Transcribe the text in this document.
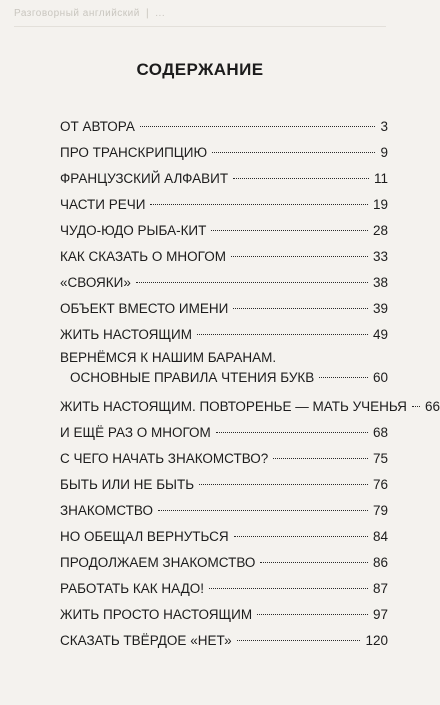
Разговорный английский ❘ ...
СОДЕРЖАНИЕ
ОТ АВТОРА	3
ПРО ТРАНСКРИПЦИЮ	9
ФРАНЦУЗСКИЙ АЛФАВИТ	11
ЧАСТИ РЕЧИ	19
ЧУДО-ЮДО РЫБА-КИТ	28
КАК СКАЗАТЬ О МНОГОМ	33
«СВОЯКИ»	38
ОБЪЕКТ ВМЕСТО ИМЕНИ	39
ЖИТЬ НАСТОЯЩИМ	49
ВЕРНЁМСЯ К НАШИМ БАРАНАМ.
ОСНОВНЫЕ ПРАВИЛА ЧТЕНИЯ БУКВ	60
ЖИТЬ НАСТОЯЩИМ. ПОВТОРЕНЬЕ — МАТЬ УЧЕНЬЯ 66
И ЕЩЁ РАЗ О МНОГОМ	68
С ЧЕГО НАЧАТЬ ЗНАКОМСТВО?	75
БЫТЬ ИЛИ НЕ БЫТЬ	76
ЗНАКОМСТВО	79
НО ОБЕЩАЛ ВЕРНУТЬСЯ	84
ПРОДОЛЖАЕМ ЗНАКОМСТВО	86
РАБОТАТЬ КАК НАДО!	87
ЖИТЬ ПРОСТО НАСТОЯЩИМ	97
СКАЗАТЬ ТВЁРДОЕ «НЕТ»	120
